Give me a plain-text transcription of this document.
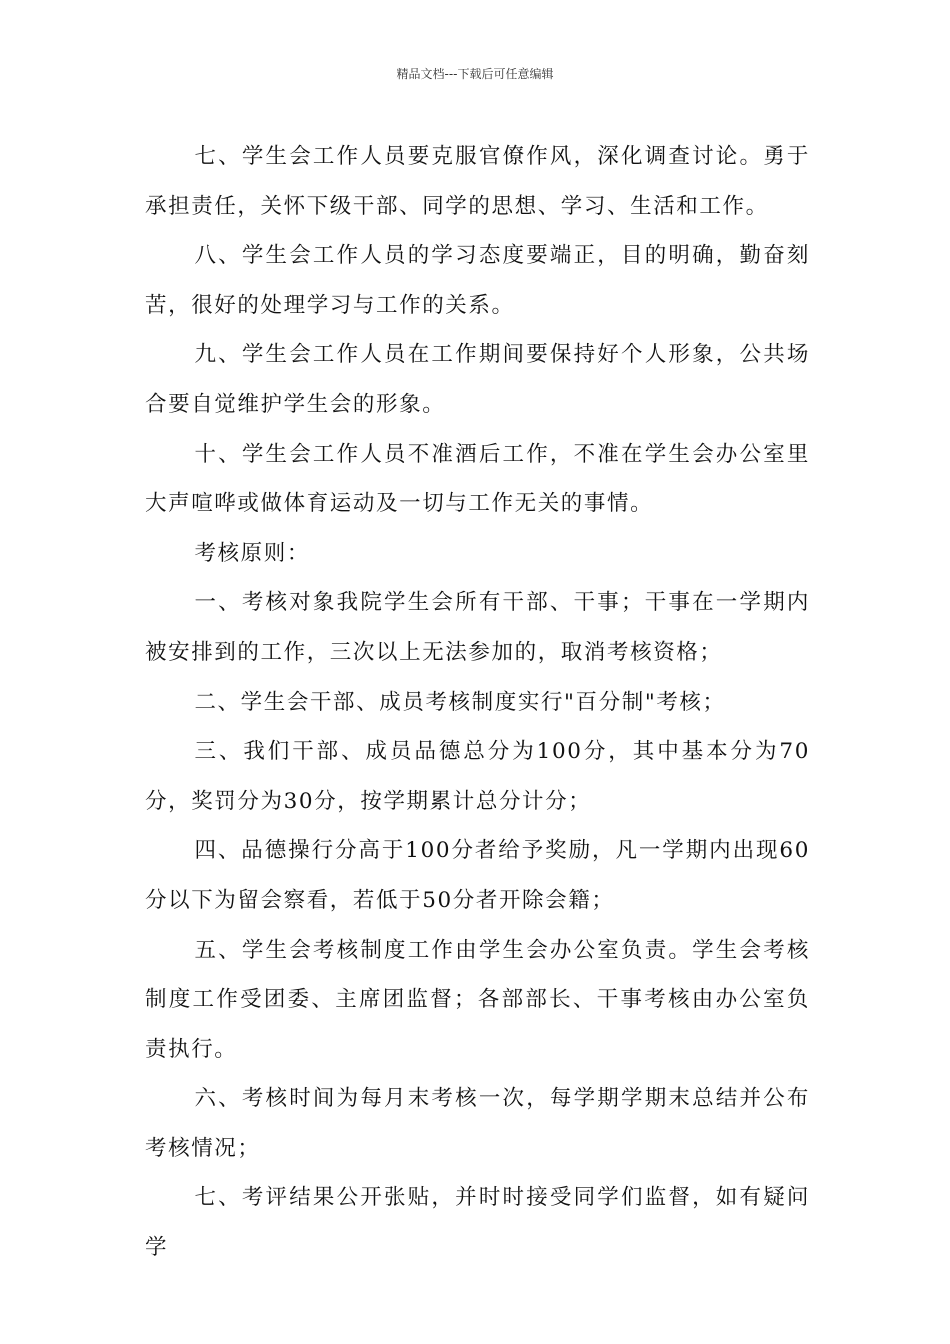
精品文档---下载后可任意编辑

七、学生会工作人员要克服官僚作风，深化调查讨论。勇于承担责任，关怀下级干部、同学的思想、学习、生活和工作。

八、学生会工作人员的学习态度要端正，目的明确，勤奋刻苦，很好的处理学习与工作的关系。

九、学生会工作人员在工作期间要保持好个人形象，公共场合要自觉维护学生会的形象。

十、学生会工作人员不准酒后工作，不准在学生会办公室里大声喧哗或做体育运动及一切与工作无关的事情。

考核原则：

一、考核对象我院学生会所有干部、干事；干事在一学期内被安排到的工作，三次以上无法参加的，取消考核资格；

二、学生会干部、成员考核制度实行"百分制"考核；

三、我们干部、成员品德总分为100分，其中基本分为70分，奖罚分为30分，按学期累计总分计分；

四、品德操行分高于100分者给予奖励，凡一学期内出现60分以下为留会察看，若低于50分者开除会籍；

五、学生会考核制度工作由学生会办公室负责。学生会考核制度工作受团委、主席团监督；各部部长、干事考核由办公室负责执行。

六、考核时间为每月末考核一次，每学期学期末总结并公布考核情况；

七、考评结果公开张贴，并时时接受同学们监督，如有疑问学
